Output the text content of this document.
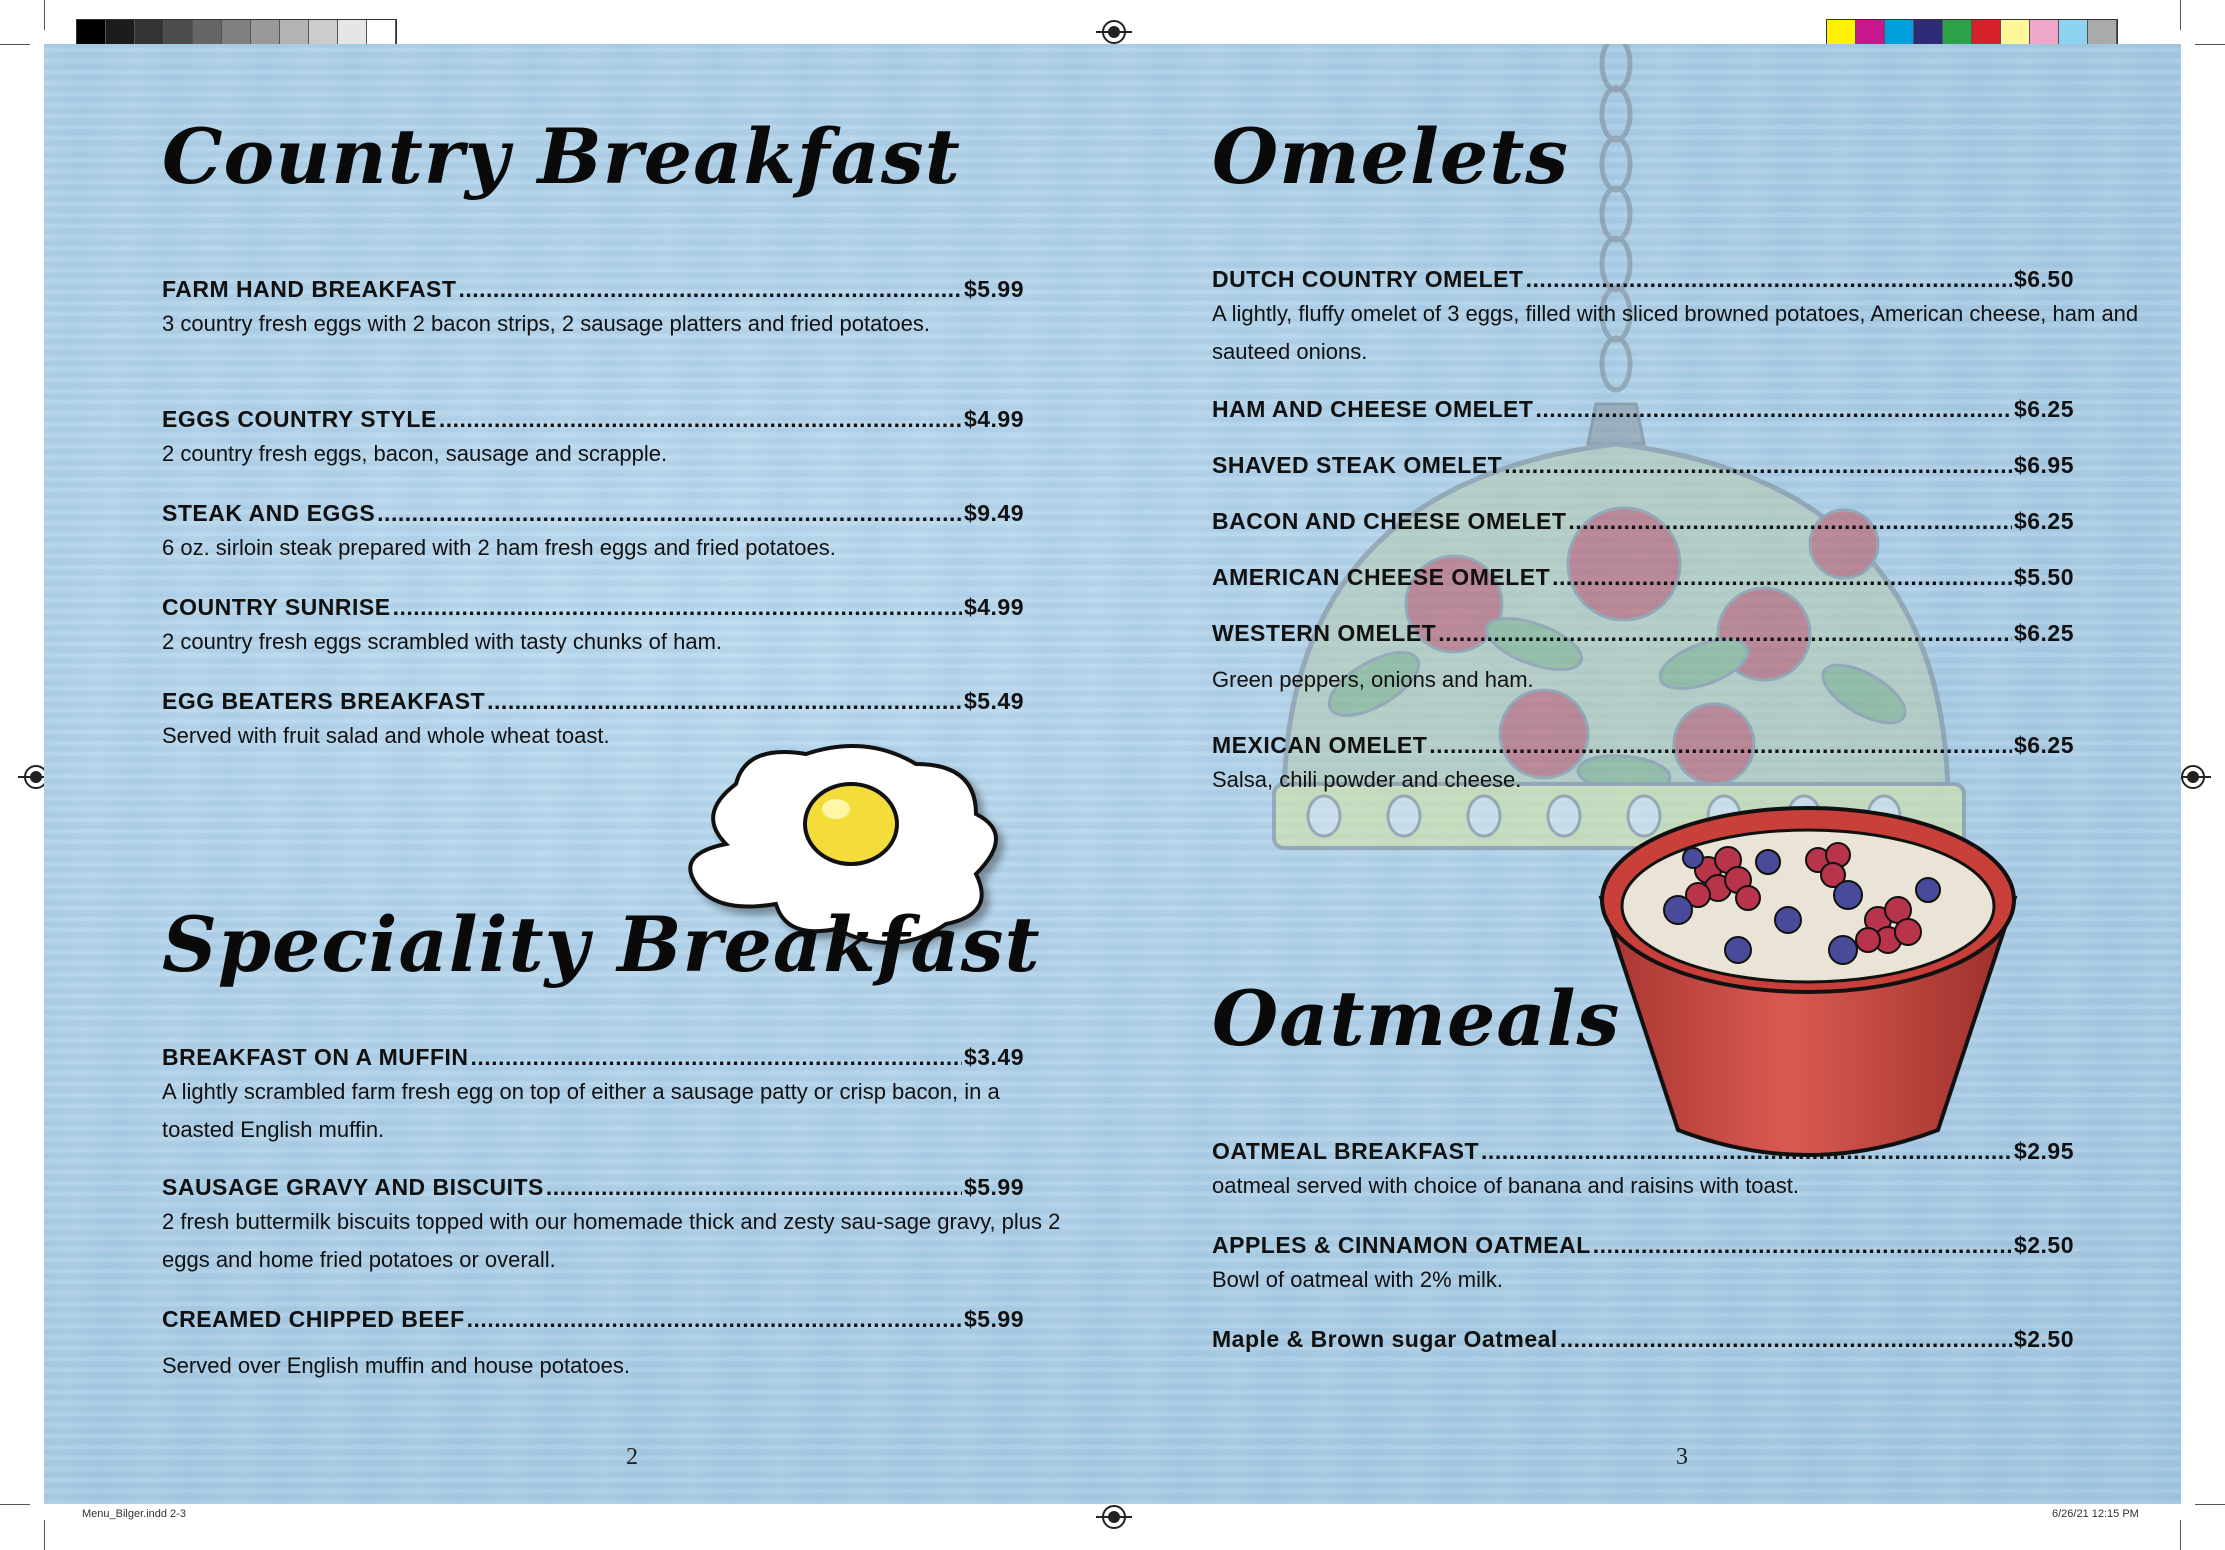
Country Breakfast
FARM HAND BREAKFAST .....	$5.99
3 country fresh eggs with 2 bacon strips, 2 sausage platters and fried potatoes.
EGGS COUNTRY STYLE .....	$4.99
2 country fresh eggs, bacon, sausage and scrapple.
STEAK AND EGGS .....	$9.49
6 oz. sirloin steak prepared with 2 ham fresh eggs and fried potatoes.
COUNTRY SUNRISE .....	$4.99
2 country fresh eggs scrambled with tasty chunks of ham.
EGG BEATERS BREAKFAST .....	$5.49
Served with fruit salad and whole wheat toast.
Speciality Breakfast
BREAKFAST ON A MUFFIN .....	$3.49
A lightly scrambled farm fresh egg on top of either a sausage patty or crisp bacon, in a toasted English muffin.
SAUSAGE GRAVY AND BISCUITS .....	$5.99
2 fresh buttermilk biscuits topped with our homemade thick and zesty sau-sage gravy, plus 2 eggs and home fried potatoes or overall.
CREAMED CHIPPED BEEF .....	$5.99
Served over English muffin and house potatoes.
2
Omelets
DUTCH COUNTRY OMELET .....	$6.50
A lightly, fluffy omelet of 3 eggs, filled with sliced browned potatoes, American cheese, ham and sauteed onions.
HAM AND CHEESE OMELET .....	$6.25
SHAVED STEAK OMELET .....	$6.95
BACON AND CHEESE OMELET .....	$6.25
AMERICAN CHEESE OMELET .....	$5.50
WESTERN OMELET .....	$6.25
Green peppers, onions and ham.
MEXICAN OMELET .....	$6.25
Salsa, chili powder and cheese.
Oatmeals
OATMEAL BREAKFAST .....	$2.95
oatmeal served with choice of banana and raisins with toast.
APPLES & CINNAMON OATMEAL .....	$2.50
Bowl of oatmeal with 2% milk.
Maple & Brown sugar Oatmeal .....	$2.50
3
Menu_Bilger.indd 2-3	6/26/21 12:15 PM
